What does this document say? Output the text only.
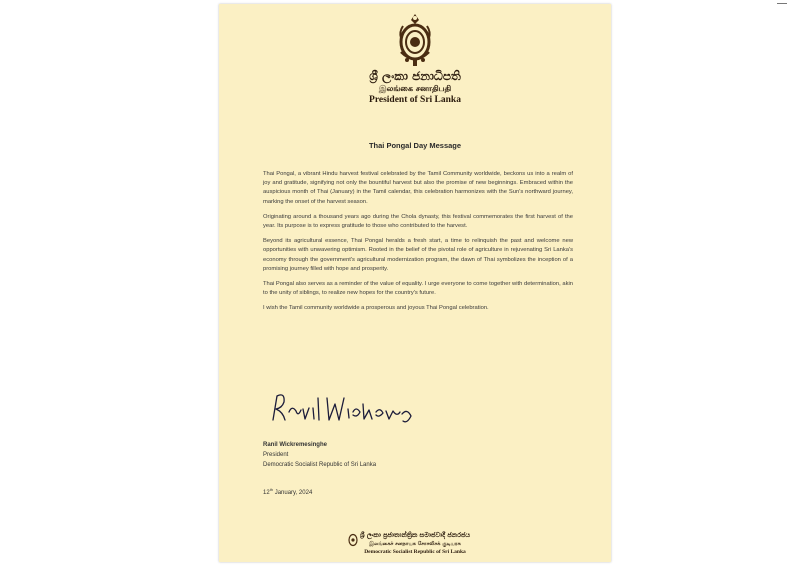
ශ්‍රී ලංකා ජනාධිපති
இலங்கை சனாதிபதி
President of Sri Lanka
Thai Pongal Day Message

Thai Pongal, a vibrant Hindu harvest festival celebrated by the Tamil Community worldwide, beckons us into a realm of joy and gratitude, signifying not only the bountiful harvest but also the promise of new beginnings. Embraced within the auspicious month of Thai (January) in the Tamil calendar, this celebration harmonizes with the Sun's northward journey, marking the onset of the harvest season.

Originating around a thousand years ago during the Chola dynasty, this festival commemorates the first harvest of the year. Its purpose is to express gratitude to those who contributed to the harvest.

Beyond its agricultural essence, Thai Pongal heralds a fresh start, a time to relinquish the past and welcome new opportunities with unwavering optimism. Rooted in the belief of the pivotal role of agriculture in rejuvenating Sri Lanka's economy through the government's agricultural modernization program, the dawn of Thai symbolizes the inception of a promising journey filled with hope and prosperity.

Thai Pongal also serves as a reminder of the value of equality. I urge everyone to come together with determination, akin to the unity of siblings, to realize new hopes for the country's future.

I wish the Tamil community worldwide a prosperous and joyous Thai Pongal celebration.

Ranil Wickremesinghe
President
Democratic Socialist Republic of Sri Lanka
12th January, 2024
ශ්‍රී ලංකා ප්‍රජාතාන්ත්‍රික සමාජවාදී ජනරජය
இலங்கைச் சனநாயக சோசலிசக் குடியரசு
Democratic Socialist Republic of Sri Lanka
